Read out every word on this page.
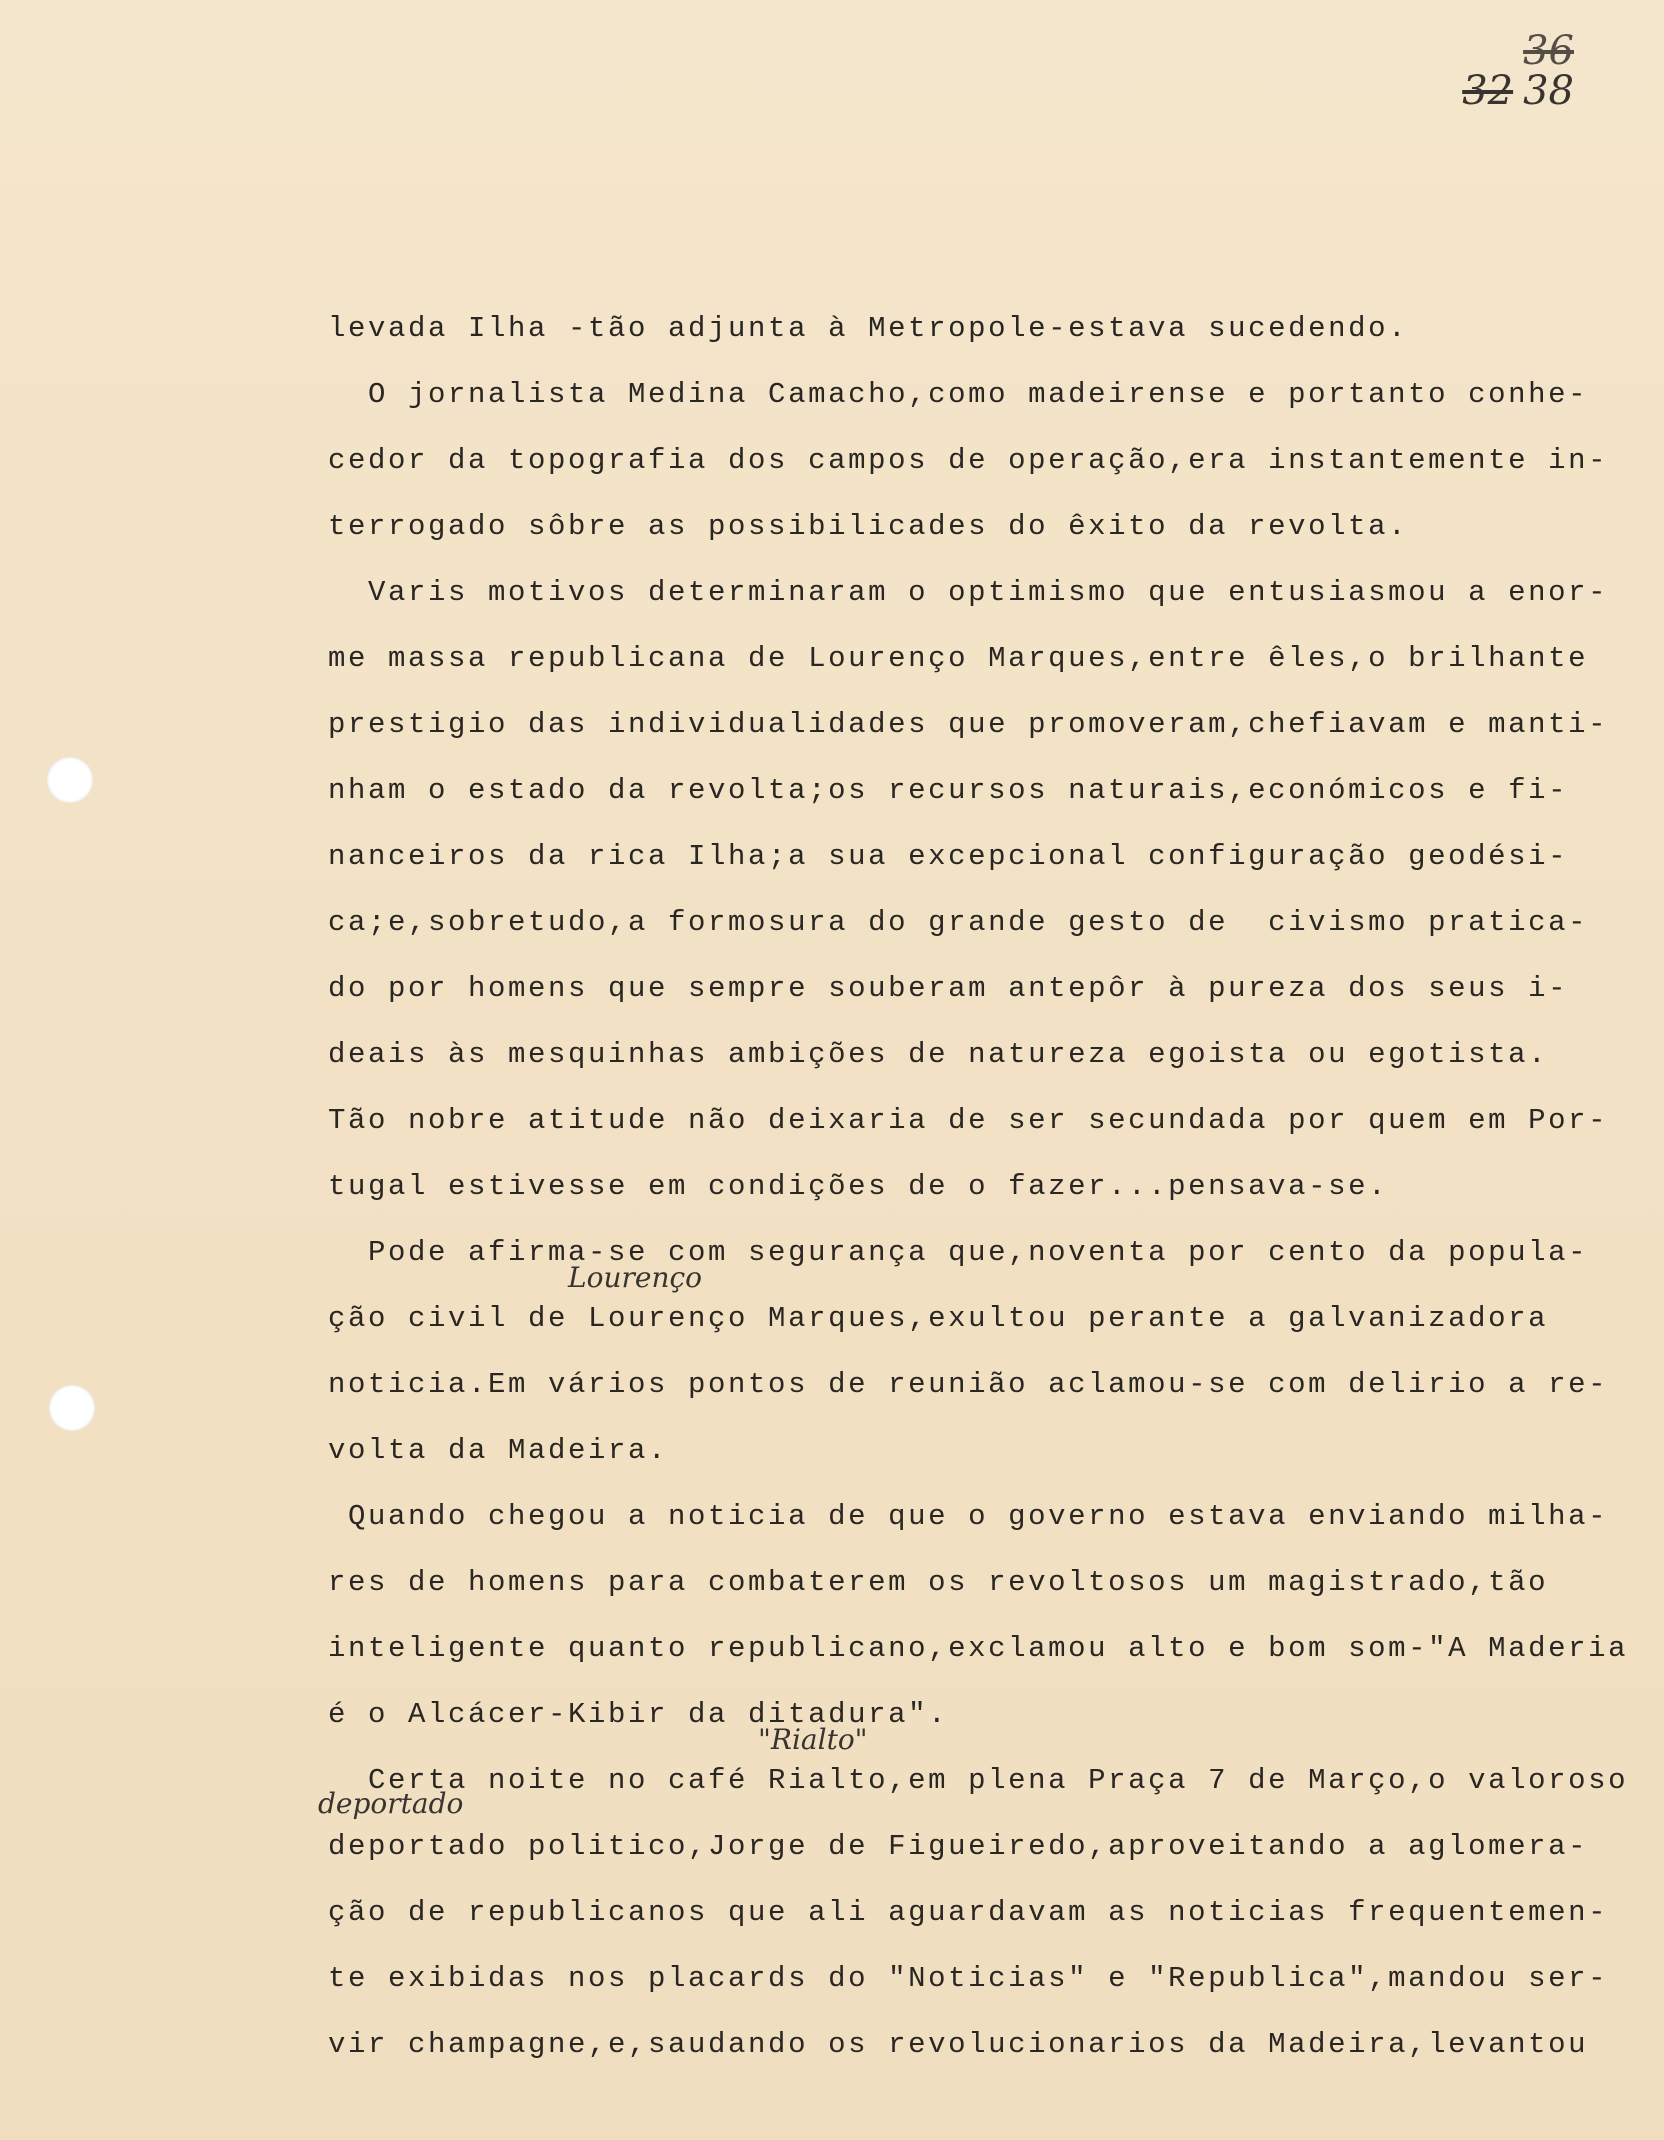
36
32 38
levada Ilha -tão adjunta à Metropole-estava sucedendo.
O jornalista Medina Camacho,como madeirense e portanto conhe-
cedor da topografia dos campos de operação,era instantemente in-
terrogado sôbre as possibilicades do êxito da revolta.
Varis motivos determinaram o optimismo que entusiasmou a enor-
me massa republicana de Lourenço Marques,entre êles,o brilhante
prestigio das individualidades que promoveram,chefiavam e manti-
nham o estado da revolta;os recursos naturais,económicos e fi-
nanceiros da rica Ilha;a sua excepcional configuração geodési-
ca;e,sobretudo,a formosura do grande gesto de  civismo pratica-
do por homens que sempre souberam antepôr à pureza dos seus i-
deais às mesquinhas ambições de natureza egoista ou egotista.
Tão nobre atitude não deixaria de ser secundada por quem em Por-
tugal estivesse em condições de o fazer...pensava-se.
Pode afirma-se com segurança que,noventa por cento da popula-
ção civil de Lourenço Marques,exultou perante a galvanizadora
Lourenço
noticia.Em vários pontos de reunião aclamou-se com delirio a re-
volta da Madeira.
Quando chegou a noticia de que o governo estava enviando milha-
res de homens para combaterem os revoltosos um magistrado,tão
inteligente quanto republicano,exclamou alto e bom som-"A Maderia
é o Alcácer-Kibir da ditadura".
Certa noite no café Rialto,em plena Praça 7 de Março,o valoroso
"Rialto"
deportado politico,Jorge de Figueiredo,aproveitando a aglomera-
deportado
ção de republicanos que ali aguardavam as noticias frequentemen-
te exibidas nos placards do "Noticias" e "Republica",mandou ser-
vir champagne,e,saudando os revolucionarios da Madeira,levantou
